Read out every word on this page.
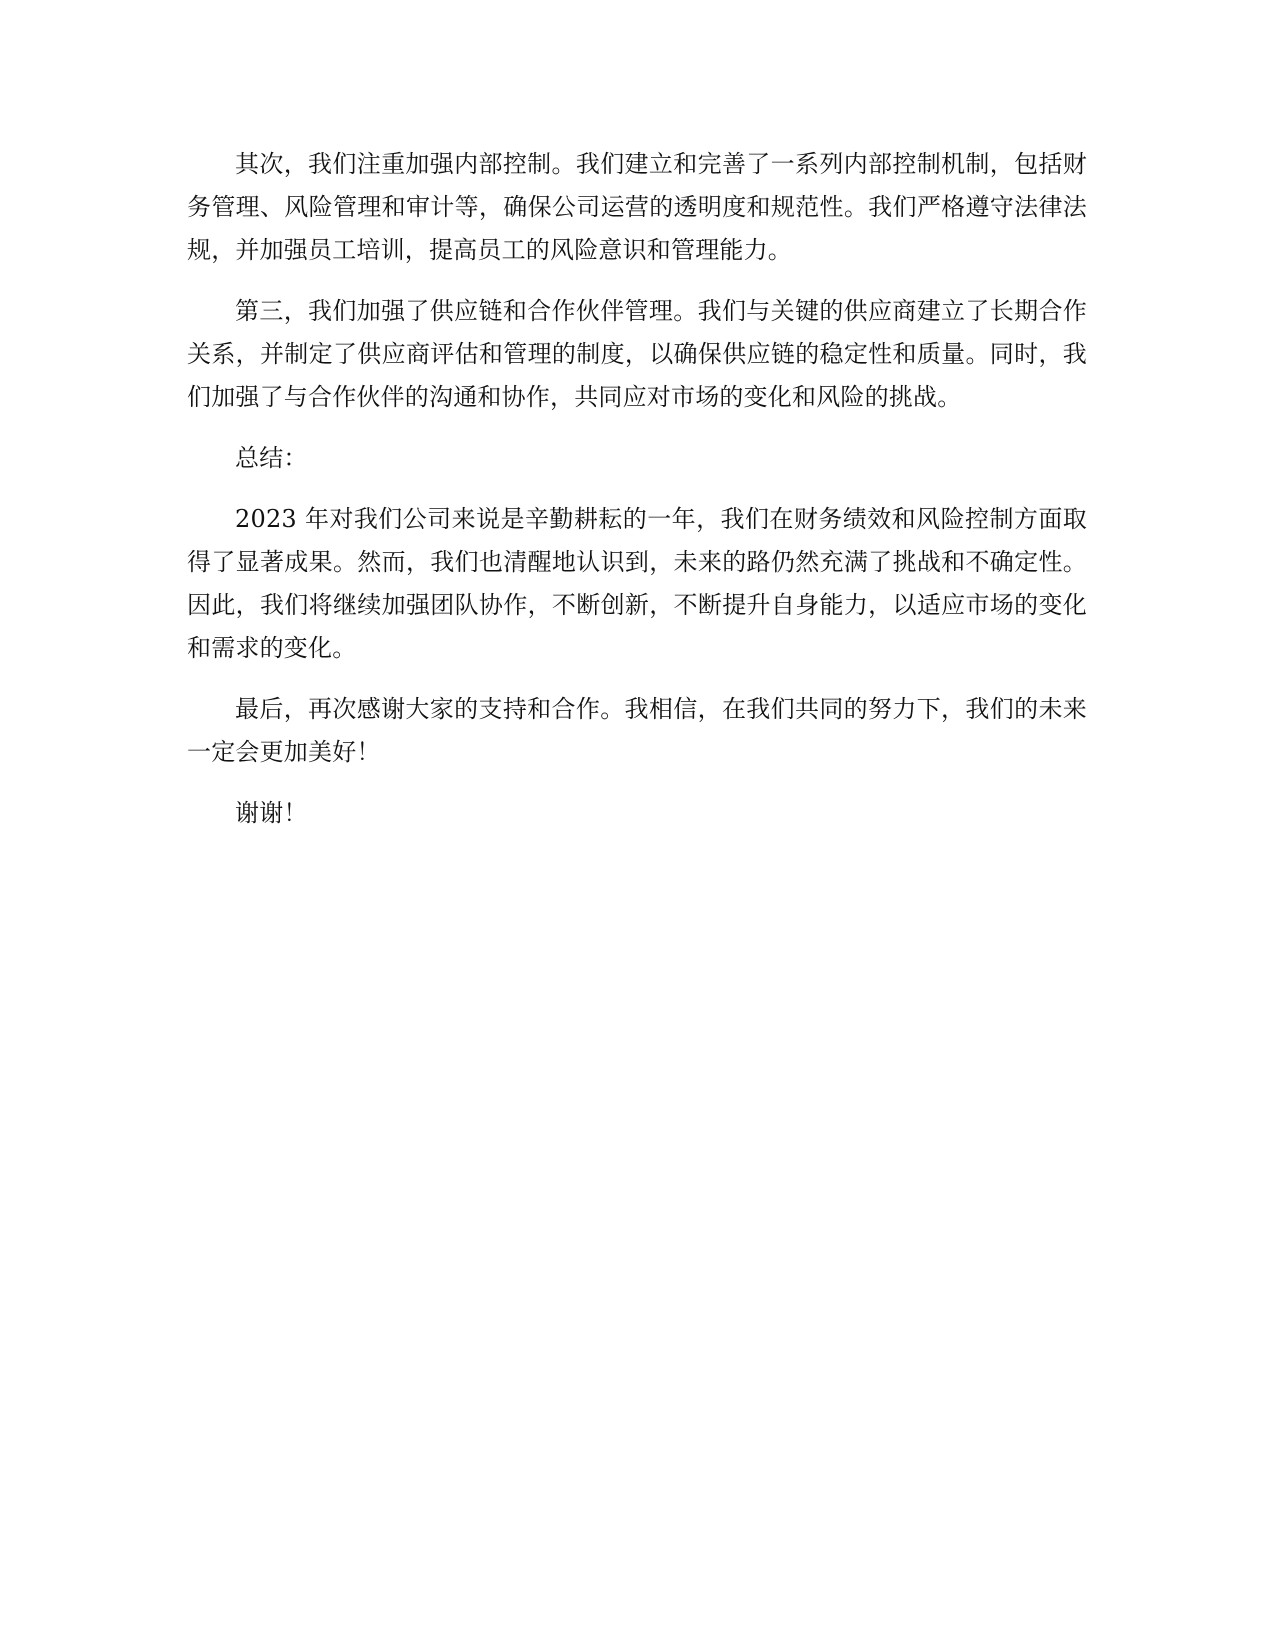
其次，我们注重加强内部控制。我们建立和完善了一系列内部控制机制，包括财务管理、风险管理和审计等，确保公司运营的透明度和规范性。我们严格遵守法律法规，并加强员工培训，提高员工的风险意识和管理能力。

第三，我们加强了供应链和合作伙伴管理。我们与关键的供应商建立了长期合作关系，并制定了供应商评估和管理的制度，以确保供应链的稳定性和质量。同时，我们加强了与合作伙伴的沟通和协作，共同应对市场的变化和风险的挑战。

总结：

2023 年对我们公司来说是辛勤耕耘的一年，我们在财务绩效和风险控制方面取得了显著成果。然而，我们也清醒地认识到，未来的路仍然充满了挑战和不确定性。因此，我们将继续加强团队协作，不断创新，不断提升自身能力，以适应市场的变化和需求的变化。

最后，再次感谢大家的支持和合作。我相信，在我们共同的努力下，我们的未来一定会更加美好！

谢谢！
